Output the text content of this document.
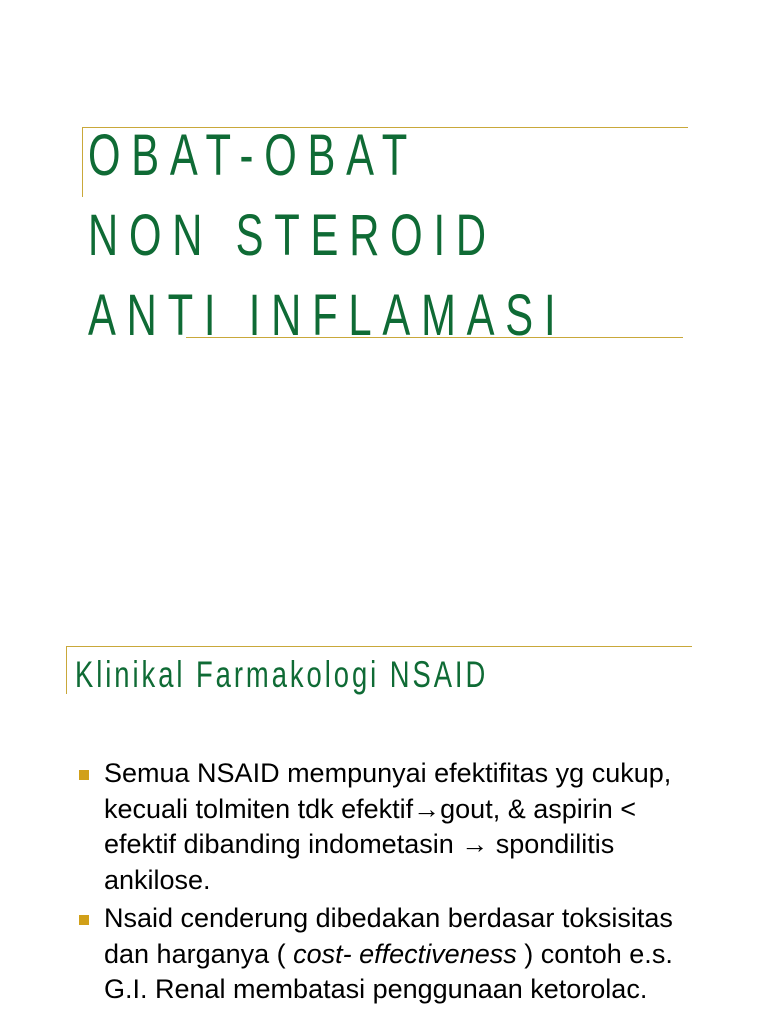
OBAT-OBAT
NON STEROID
ANTI INFLAMASI
Klinikal Farmakologi NSAID
Semua NSAID mempunyai efektifitas yg cukup, kecuali tolmiten tdk efektif→gout, & aspirin < efektif dibanding indometasin → spondilitis ankilose.
Nsaid cenderung dibedakan berdasar toksisitas dan harganya ( cost- effectiveness ) contoh e.s. G.I. Renal membatasi penggunaan ketorolac.
